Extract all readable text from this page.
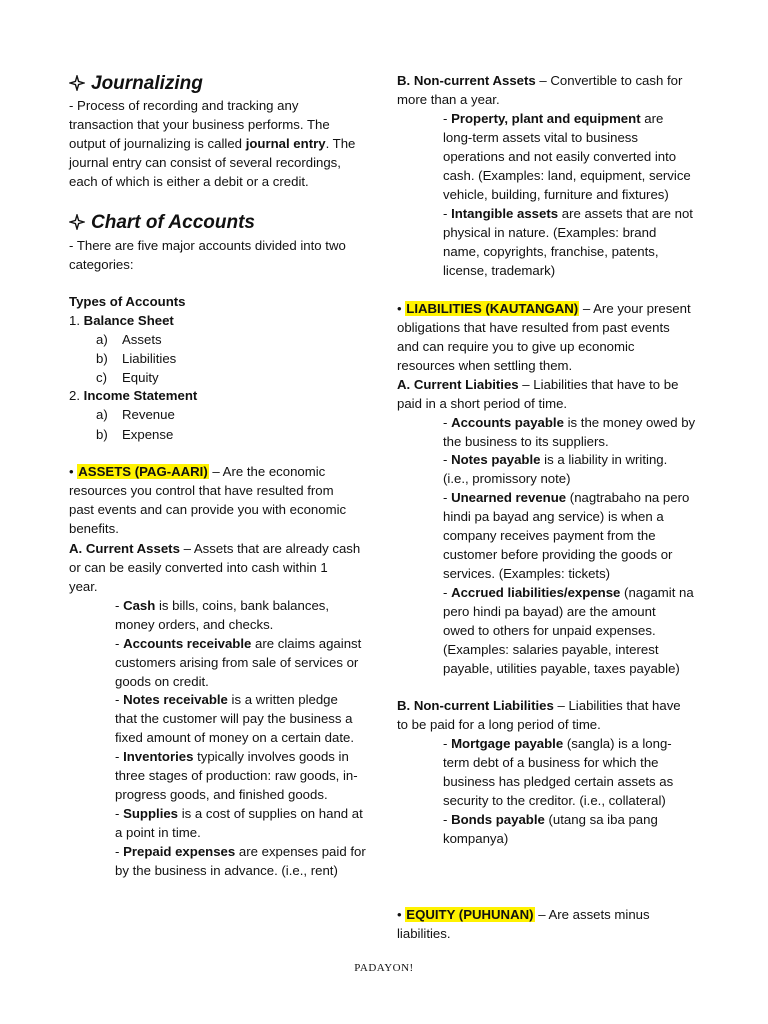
Journalizing
- Process of recording and tracking any
transaction that your business performs. The
output of journalizing is called journal entry. The
journal entry can consist of several recordings,
each of which is either a debit or a credit.
Chart of Accounts
- There are five major accounts divided into two
categories:
Types of Accounts
1. Balance Sheet
a) Assets
b) Liabilities
c) Equity
2. Income Statement
a) Revenue
b) Expense
• ASSETS (PAG-AARI) – Are the economic
resources you control that have resulted from
past events and can provide you with economic
benefits.
A. Current Assets – Assets that are already cash
or can be easily converted into cash within 1
year.
- Cash is bills, coins, bank balances,
money orders, and checks.
- Accounts receivable are claims against
customers arising from sale of services or
goods on credit.
- Notes receivable is a written pledge
that the customer will pay the business a
fixed amount of money on a certain date.
- Inventories typically involves goods in
three stages of production: raw goods, in-
progress goods, and finished goods.
- Supplies is a cost of supplies on hand at
a point in time.
- Prepaid expenses are expenses paid for
by the business in advance. (i.e., rent)
B. Non-current Assets – Convertible to cash for
more than a year.
- Property, plant and equipment are
long-term assets vital to business
operations and not easily converted into
cash. (Examples: land, equipment, service
vehicle, building, furniture and fixtures)
- Intangible assets are assets that are not
physical in nature. (Examples: brand
name, copyrights, franchise, patents,
license, trademark)
• LIABILITIES (KAUTANGAN) – Are your present
obligations that have resulted from past events
and can require you to give up economic
resources when settling them.
A. Current Liabities – Liabilities that have to be
paid in a short period of time.
- Accounts payable is the money owed by
the business to its suppliers.
- Notes payable is a liability in writing.
(i.e., promissory note)
- Unearned revenue (nagtrabaho na pero
hindi pa bayad ang service) is when a
company receives payment from the
customer before providing the goods or
services. (Examples: tickets)
- Accrued liabilities/expense (nagamit na
pero hindi pa bayad) are the amount
owed to others for unpaid expenses.
(Examples: salaries payable, interest
payable, utilities payable, taxes payable)
B. Non-current Liabilities – Liabilities that have
to be paid for a long period of time.
- Mortgage payable (sangla) is a long-
term debt of a business for which the
business has pledged certain assets as
security to the creditor. (i.e., collateral)
- Bonds payable (utang sa iba pang
kompanya)
• EQUITY (PUHUNAN) – Are assets minus
liabilities.
PADAYON!
